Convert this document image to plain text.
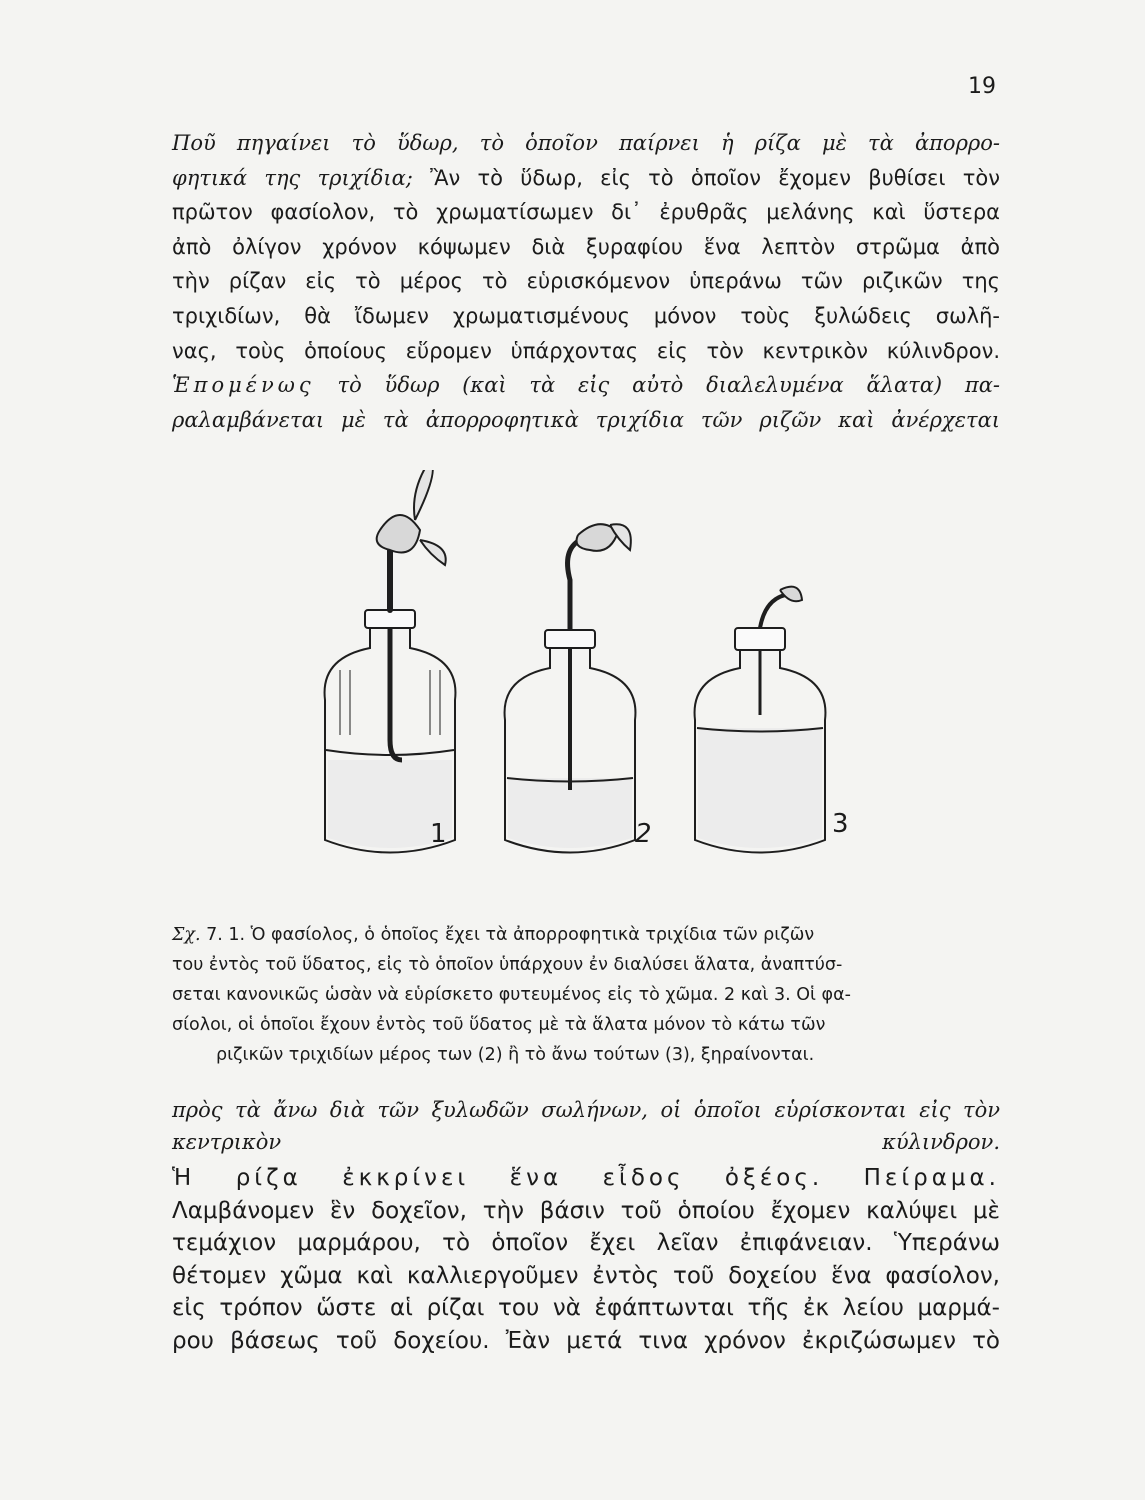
19

Ποῦ πηγαίνει τὸ ὕδωρ, τὸ ὁποῖον παίρνει ἡ ρίζα μὲ τὰ ἀπορρο-
φητικά της τριχίδια; Ἂν τὸ ὕδωρ, εἰς τὸ ὁποῖον ἔχομεν βυθίσει τὸν
πρῶτον φασίολον, τὸ χρωματίσωμεν δι᾿ ἐρυθρᾶς μελάνης καὶ ὕστερα
ἀπὸ ὀλίγον χρόνον κόψωμεν διὰ ξυραφίου ἕνα λεπτὸν στρῶμα ἀπὸ
τὴν ρίζαν εἰς τὸ μέρος τὸ εὑρισκόμενον ὑπεράνω τῶν ριζικῶν της
τριχιδίων, θὰ ἴδωμεν χρωματισμένους μόνον τοὺς ξυλώδεις σωλῆ-
νας, τοὺς ὁποίους εὕρομεν ὑπάρχοντας εἰς τὸν κεντρικὸν κύλινδρον.
Ἑπομένως τὸ ὕδωρ (καὶ τὰ εἰς αὐτὸ διαλελυμένα ἅλατα) πα-
ραλαμβάνεται μὲ τὰ ἀπορροφητικὰ τριχίδια τῶν ριζῶν καὶ ἀνέρχεται

1	2	3

Σχ. 7. 1. Ὁ φασίολος, ὁ ὁποῖος ἔχει τὰ ἀπορροφητικὰ τριχίδια τῶν ριζῶν
του ἐντὸς τοῦ ὕδατος, εἰς τὸ ὁποῖον ὑπάρχουν ἐν διαλύσει ἅλατα, ἀναπτύσ-
σεται κανονικῶς ὡσὰν νὰ εὑρίσκετο φυτευμένος εἰς τὸ χῶμα. 2 καὶ 3. Οἱ φα-
σίολοι, οἱ ὁποῖοι ἔχουν ἐντὸς τοῦ ὕδατος μὲ τὰ ἅλατα μόνον τὸ κάτω τῶν
ριζικῶν τριχιδίων μέρος των (2) ἢ τὸ ἄνω τούτων (3), ξηραίνονται.

πρὸς τὰ ἄνω διὰ τῶν ξυλωδῶν σωλήνων, οἱ ὁποῖοι εὑρίσκονται εἰς τὸν
κεντρικὸν κύλινδρον.

Ἡ ρίζα ἐκκρίνει ἕνα εἶδος ὀξέος. Πείραμα.
Λαμβάνομεν ἓν δοχεῖον, τὴν βάσιν τοῦ ὁποίου ἔχομεν καλύψει μὲ
τεμάχιον μαρμάρου, τὸ ὁποῖον ἔχει λεῖαν ἐπιφάνειαν. Ὑπεράνω
θέτομεν χῶμα καὶ καλλιεργοῦμεν ἐντὸς τοῦ δοχείου ἕνα φασίολον,
εἰς τρόπον ὥστε αἱ ρίζαι του νὰ ἐφάπτωνται τῆς ἐκ λείου μαρμά-
ρου βάσεως τοῦ δοχείου. Ἐὰν μετά τινα χρόνον ἐκριζώσωμεν τὸ
